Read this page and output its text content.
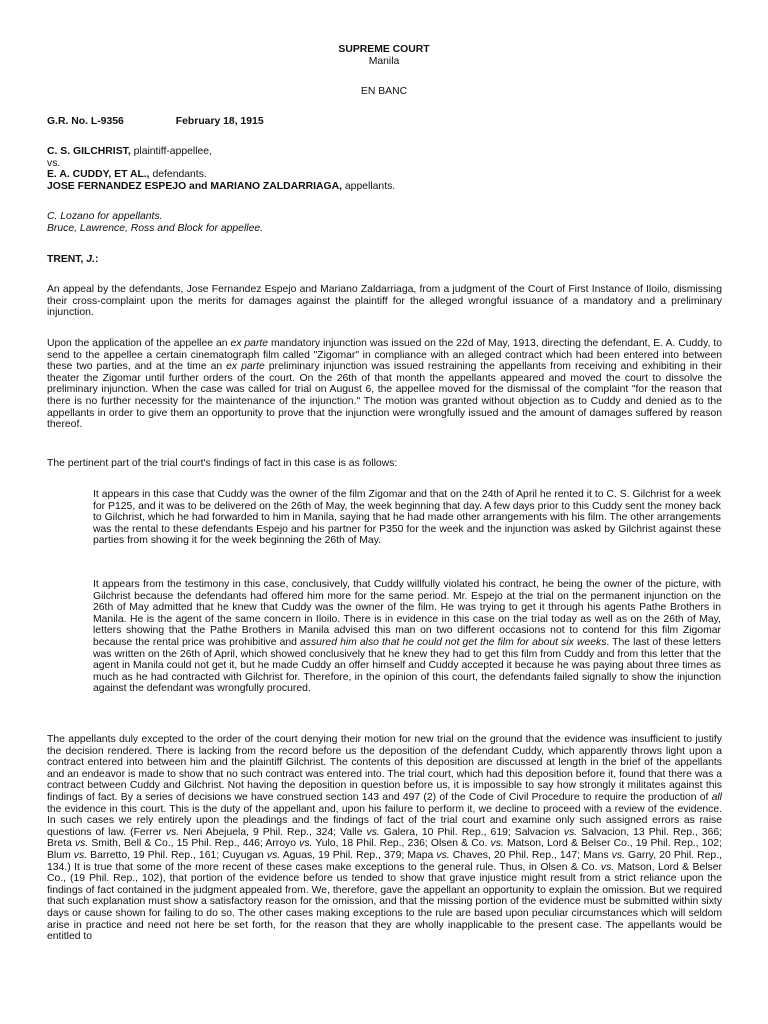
SUPREME COURT
Manila
EN BANC
G.R. No. L-9356	February 18, 1915
C. S. GILCHRIST, plaintiff-appellee,
vs.
E. A. CUDDY, ET AL., defendants.
JOSE FERNANDEZ ESPEJO and MARIANO ZALDARRIAGA, appellants.
C. Lozano for appellants.
Bruce, Lawrence, Ross and Block for appellee.
TRENT, J.:
An appeal by the defendants, Jose Fernandez Espejo and Mariano Zaldarriaga, from a judgment of the Court of First Instance of Iloilo, dismissing their cross-complaint upon the merits for damages against the plaintiff for the alleged wrongful issuance of a mandatory and a preliminary injunction.
Upon the application of the appellee an ex parte mandatory injunction was issued on the 22d of May, 1913, directing the defendant, E. A. Cuddy, to send to the appellee a certain cinematograph film called "Zigomar" in compliance with an alleged contract which had been entered into between these two parties, and at the time an ex parte preliminary injunction was issued restraining the appellants from receiving and exhibiting in their theater the Zigomar until further orders of the court. On the 26th of that month the appellants appeared and moved the court to dissolve the preliminary injunction. When the case was called for trial on August 6, the appellee moved for the dismissal of the complaint "for the reason that there is no further necessity for the maintenance of the injunction." The motion was granted without objection as to Cuddy and denied as to the appellants in order to give them an opportunity to prove that the injunction were wrongfully issued and the amount of damages suffered by reason thereof.
The pertinent part of the trial court's findings of fact in this case is as follows:
It appears in this case that Cuddy was the owner of the film Zigomar and that on the 24th of April he rented it to C. S. Gilchrist for a week for P125, and it was to be delivered on the 26th of May, the week beginning that day. A few days prior to this Cuddy sent the money back to Gilchrist, which he had forwarded to him in Manila, saying that he had made other arrangements with his film. The other arrangements was the rental to these defendants Espejo and his partner for P350 for the week and the injunction was asked by Gilchrist against these parties from showing it for the week beginning the 26th of May.
It appears from the testimony in this case, conclusively, that Cuddy willfully violated his contract, he being the owner of the picture, with Gilchrist because the defendants had offered him more for the same period. Mr. Espejo at the trial on the permanent injunction on the 26th of May admitted that he knew that Cuddy was the owner of the film. He was trying to get it through his agents Pathe Brothers in Manila. He is the agent of the same concern in Iloilo. There is in evidence in this case on the trial today as well as on the 26th of May, letters showing that the Pathe Brothers in Manila advised this man on two different occasions not to contend for this film Zigomar because the rental price was prohibitive and assured him also that he could not get the film for about six weeks. The last of these letters was written on the 26th of April, which showed conclusively that he knew they had to get this film from Cuddy and from this letter that the agent in Manila could not get it, but he made Cuddy an offer himself and Cuddy accepted it because he was paying about three times as much as he had contracted with Gilchrist for. Therefore, in the opinion of this court, the defendants failed signally to show the injunction against the defendant was wrongfully procured.
The appellants duly excepted to the order of the court denying their motion for new trial on the ground that the evidence was insufficient to justify the decision rendered. There is lacking from the record before us the deposition of the defendant Cuddy, which apparently throws light upon a contract entered into between him and the plaintiff Gilchrist. The contents of this deposition are discussed at length in the brief of the appellants and an endeavor is made to show that no such contract was entered into. The trial court, which had this deposition before it, found that there was a contract between Cuddy and Gilchrist. Not having the deposition in question before us, it is impossible to say how strongly it militates against this findings of fact. By a series of decisions we have construed section 143 and 497 (2) of the Code of Civil Procedure to require the production of all the evidence in this court. This is the duty of the appellant and, upon his failure to perform it, we decline to proceed with a review of the evidence. In such cases we rely entirely upon the pleadings and the findings of fact of the trial court and examine only such assigned errors as raise questions of law. (Ferrer vs. Neri Abejuela, 9 Phil. Rep., 324; Valle vs. Galera, 10 Phil. Rep., 619; Salvacion vs. Salvacion, 13 Phil. Rep., 366; Breta vs. Smith, Bell & Co., 15 Phil. Rep., 446; Arroyo vs. Yulo, 18 Phil. Rep., 236; Olsen & Co. vs. Matson, Lord & Belser Co., 19 Phil. Rep., 102; Blum vs. Barretto, 19 Phil. Rep., 161; Cuyugan vs. Aguas, 19 Phil. Rep., 379; Mapa vs. Chaves, 20 Phil. Rep., 147; Mans vs. Garry, 20 Phil. Rep., 134.) It is true that some of the more recent of these cases make exceptions to the general rule. Thus, in Olsen & Co. vs. Matson, Lord & Belser Co., (19 Phil. Rep., 102), that portion of the evidence before us tended to show that grave injustice might result from a strict reliance upon the findings of fact contained in the judgment appealed from. We, therefore, gave the appellant an opportunity to explain the omission. But we required that such explanation must show a satisfactory reason for the omission, and that the missing portion of the evidence must be submitted within sixty days or cause shown for failing to do so. The other cases making exceptions to the rule are based upon peculiar circumstances which will seldom arise in practice and need not here be set forth, for the reason that they are wholly inapplicable to the present case. The appellants would be entitled to
